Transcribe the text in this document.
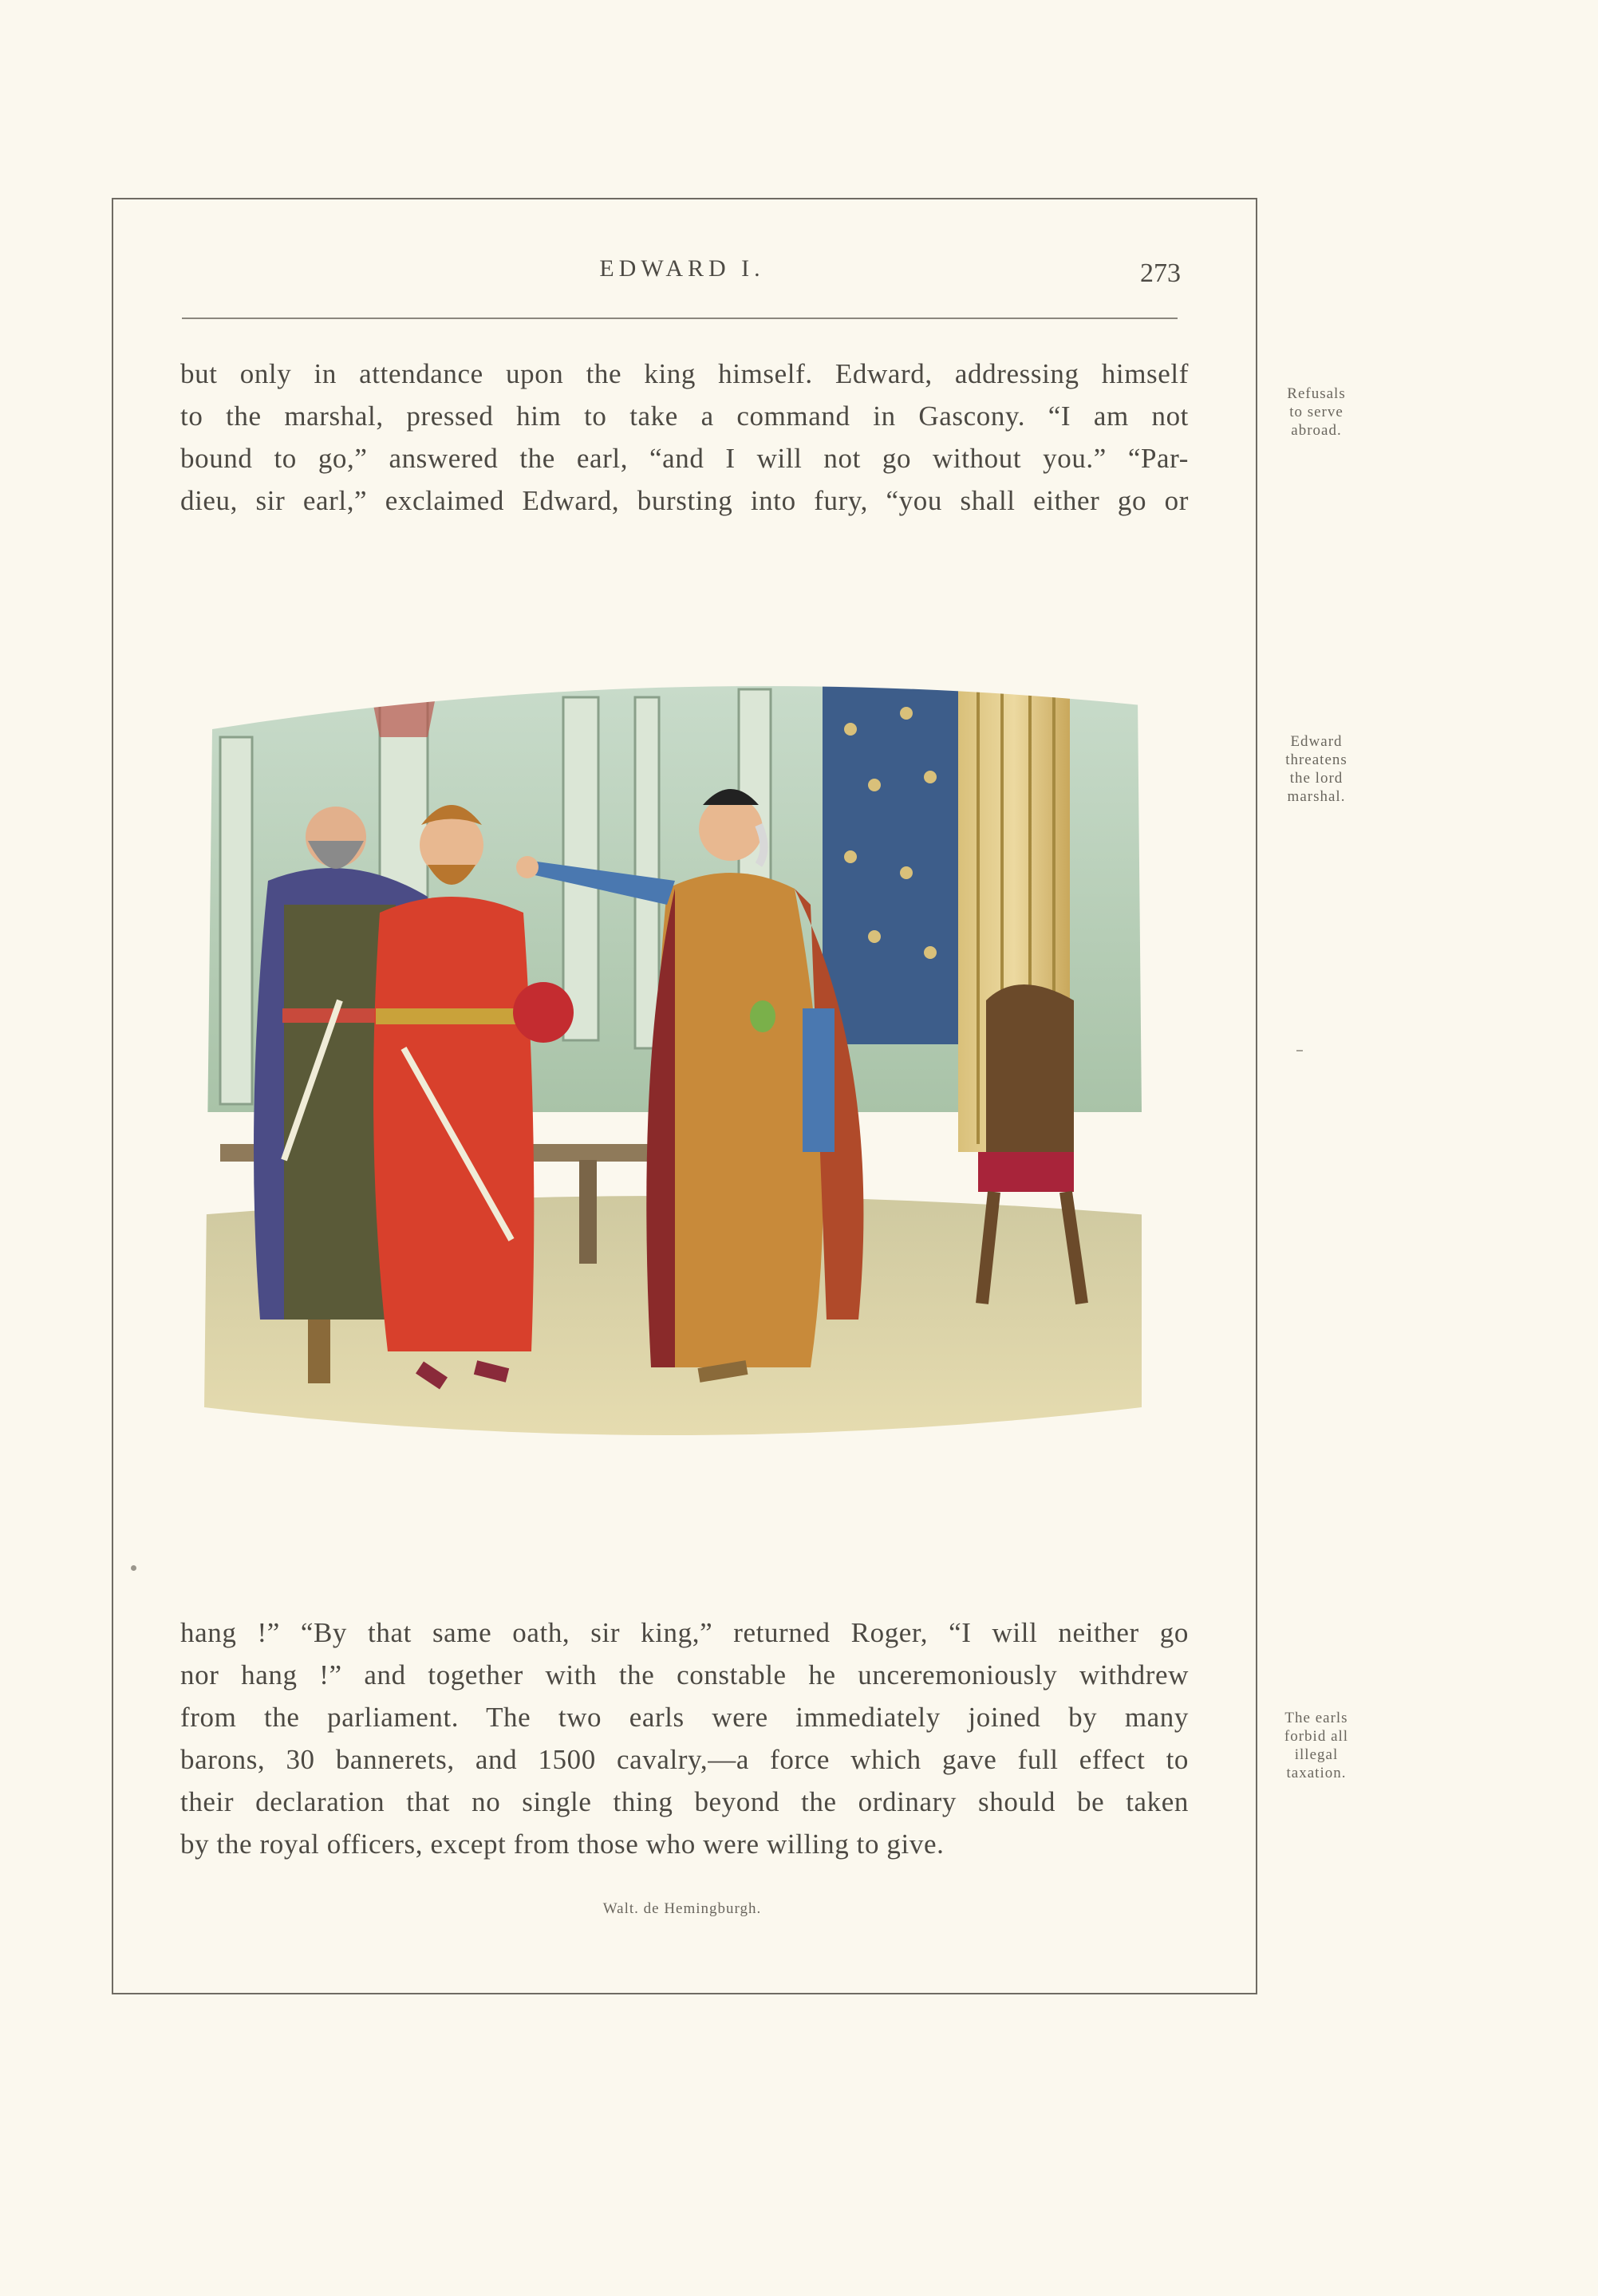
EDWARD I.	273
but only in attendance upon the king himself. Edward, addressing himself
to the marshal, pressed him to take a command in Gascony. “I am not
bound to go,” answered the earl, “and I will not go without you.” “Par-
dieu, sir earl,” exclaimed Edward, bursting into fury, “you shall either go or
Refusals
to serve
abroad.
Edward
threatens
the lord
marshal.
hang !” “By that same oath, sir king,” returned Roger, “I will neither go
nor hang !” and together with the constable he unceremoniously withdrew
from the parliament. The two earls were immediately joined by many
barons, 30 bannerets, and 1500 cavalry,—a force which gave full effect to
their declaration that no single thing beyond the ordinary should be taken
by the royal officers, except from those who were willing to give.
The earls
forbid all
illegal
taxation.
Walt. de Hemingburgh.
